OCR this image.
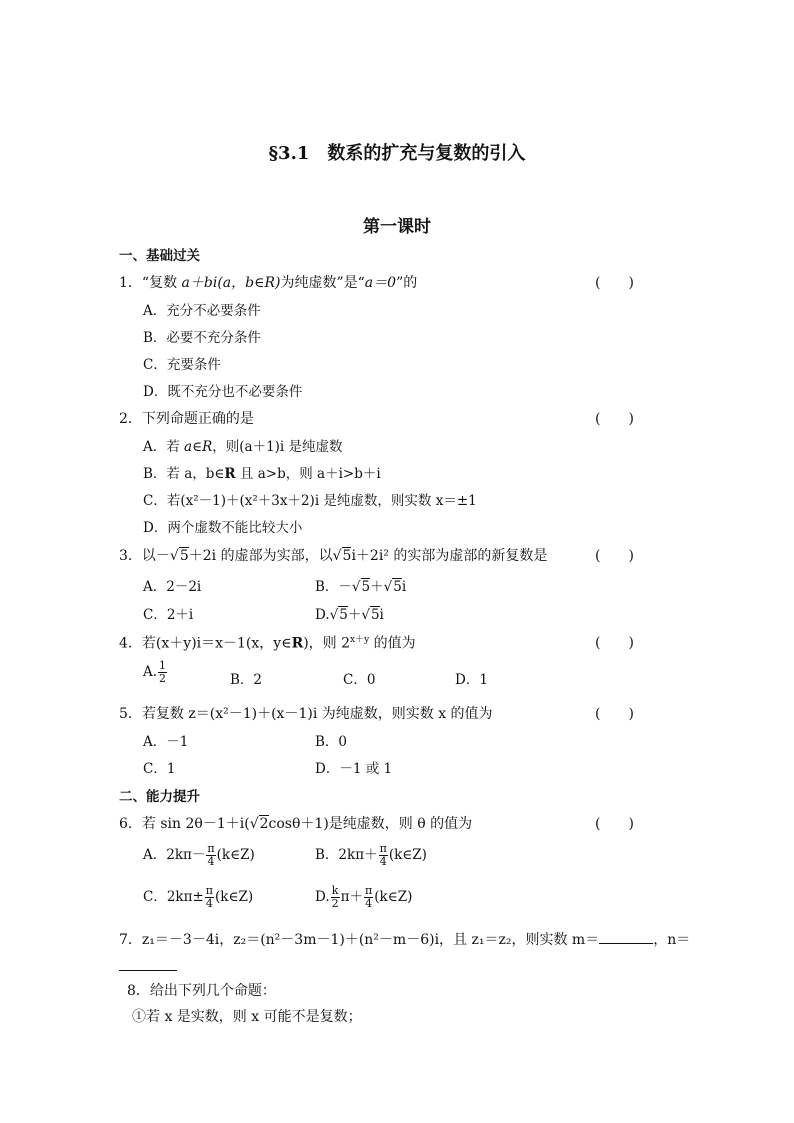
§3.1　数系的扩充与复数的引入
第一课时
一、基础过关
1．“复数 a＋bi(a，b∈R)为纯虚数”是“a＝0”的	(　　)
A．充分不必要条件
B．必要不充分条件
C．充要条件
D．既不充分也不必要条件
2．下列命题正确的是	(　　)
A．若 a∈R，则(a＋1)i 是纯虚数
B．若 a，b∈R 且 a>b，则 a＋i>b＋i
C．若(x²－1)＋(x²＋3x＋2)i 是纯虚数，则实数 x＝±1
D．两个虚数不能比较大小
3．以－√5＋2i 的虚部为实部，以√5i＋2i² 的实部为虚部的新复数是	(　　)
A．2－2i	B．－√5＋√5i
C．2＋i	D.√5＋√5i
4．若(x＋y)i＝x－1(x，y∈R)，则 $2^{x+y}$ 的值为	(　　)
A. $\frac{1}{2}$	B．2	C．0	D．1
5．若复数 z＝(x²－1)＋(x－1)i 为纯虚数，则实数 x 的值为	(　　)
A．－1	B．0
C．1	D．－1 或 1
二、能力提升
6．若 sin 2θ－1＋i(√2cosθ＋1)是纯虚数，则 θ 的值为	(　　)
A．$2k\pi- \frac{\pi}{4}$ (k∈Z)	B．$2k\pi+ \frac{\pi}{4}$ (k∈Z)
C．$2k\pi\pm \frac{\pi}{4}$ (k∈Z)	D. $\frac{k}{2} \pi+ \frac{\pi}{4}$ (k∈Z)
7．z₁＝－3－4i，z₂＝(n²－3m－1)＋(n²－m－6)i，且 z₁＝z₂，则实数 m＝	，n＝
8．给出下列几个命题：
①若 x 是实数，则 x 可能不是复数；
